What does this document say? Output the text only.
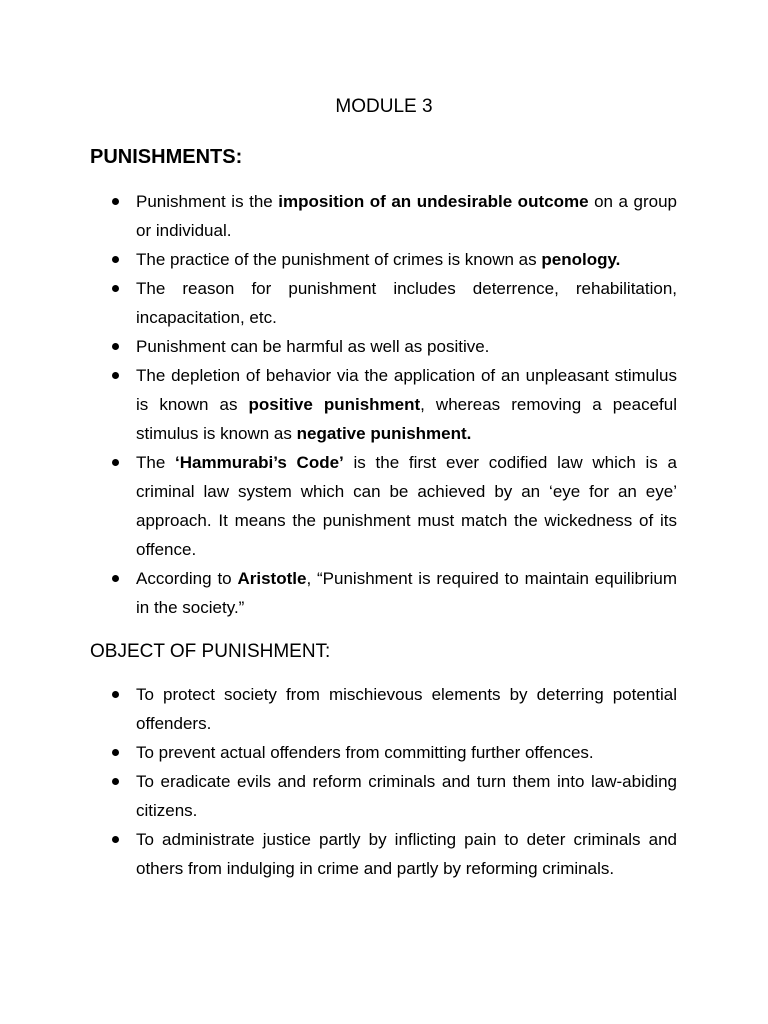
MODULE 3
PUNISHMENTS:
Punishment is the imposition of an undesirable outcome on a group or individual.
The practice of the punishment of crimes is known as penology.
The reason for punishment includes deterrence, rehabilitation, incapacitation, etc.
Punishment can be harmful as well as positive.
The depletion of behavior via the application of an unpleasant stimulus is known as positive punishment, whereas removing a peaceful stimulus is known as negative punishment.
The ‘Hammurabi’s Code’ is the first ever codified law which is a criminal law system which can be achieved by an ‘eye for an eye’ approach. It means the punishment must match the wickedness of its offence.
According to Aristotle, “Punishment is required to maintain equilibrium in the society.”
OBJECT OF PUNISHMENT:
To protect society from mischievous elements by deterring potential offenders.
To prevent actual offenders from committing further offences.
To eradicate evils and reform criminals and turn them into law-abiding citizens.
To administrate justice partly by inflicting pain to deter criminals and others from indulging in crime and partly by reforming criminals.
